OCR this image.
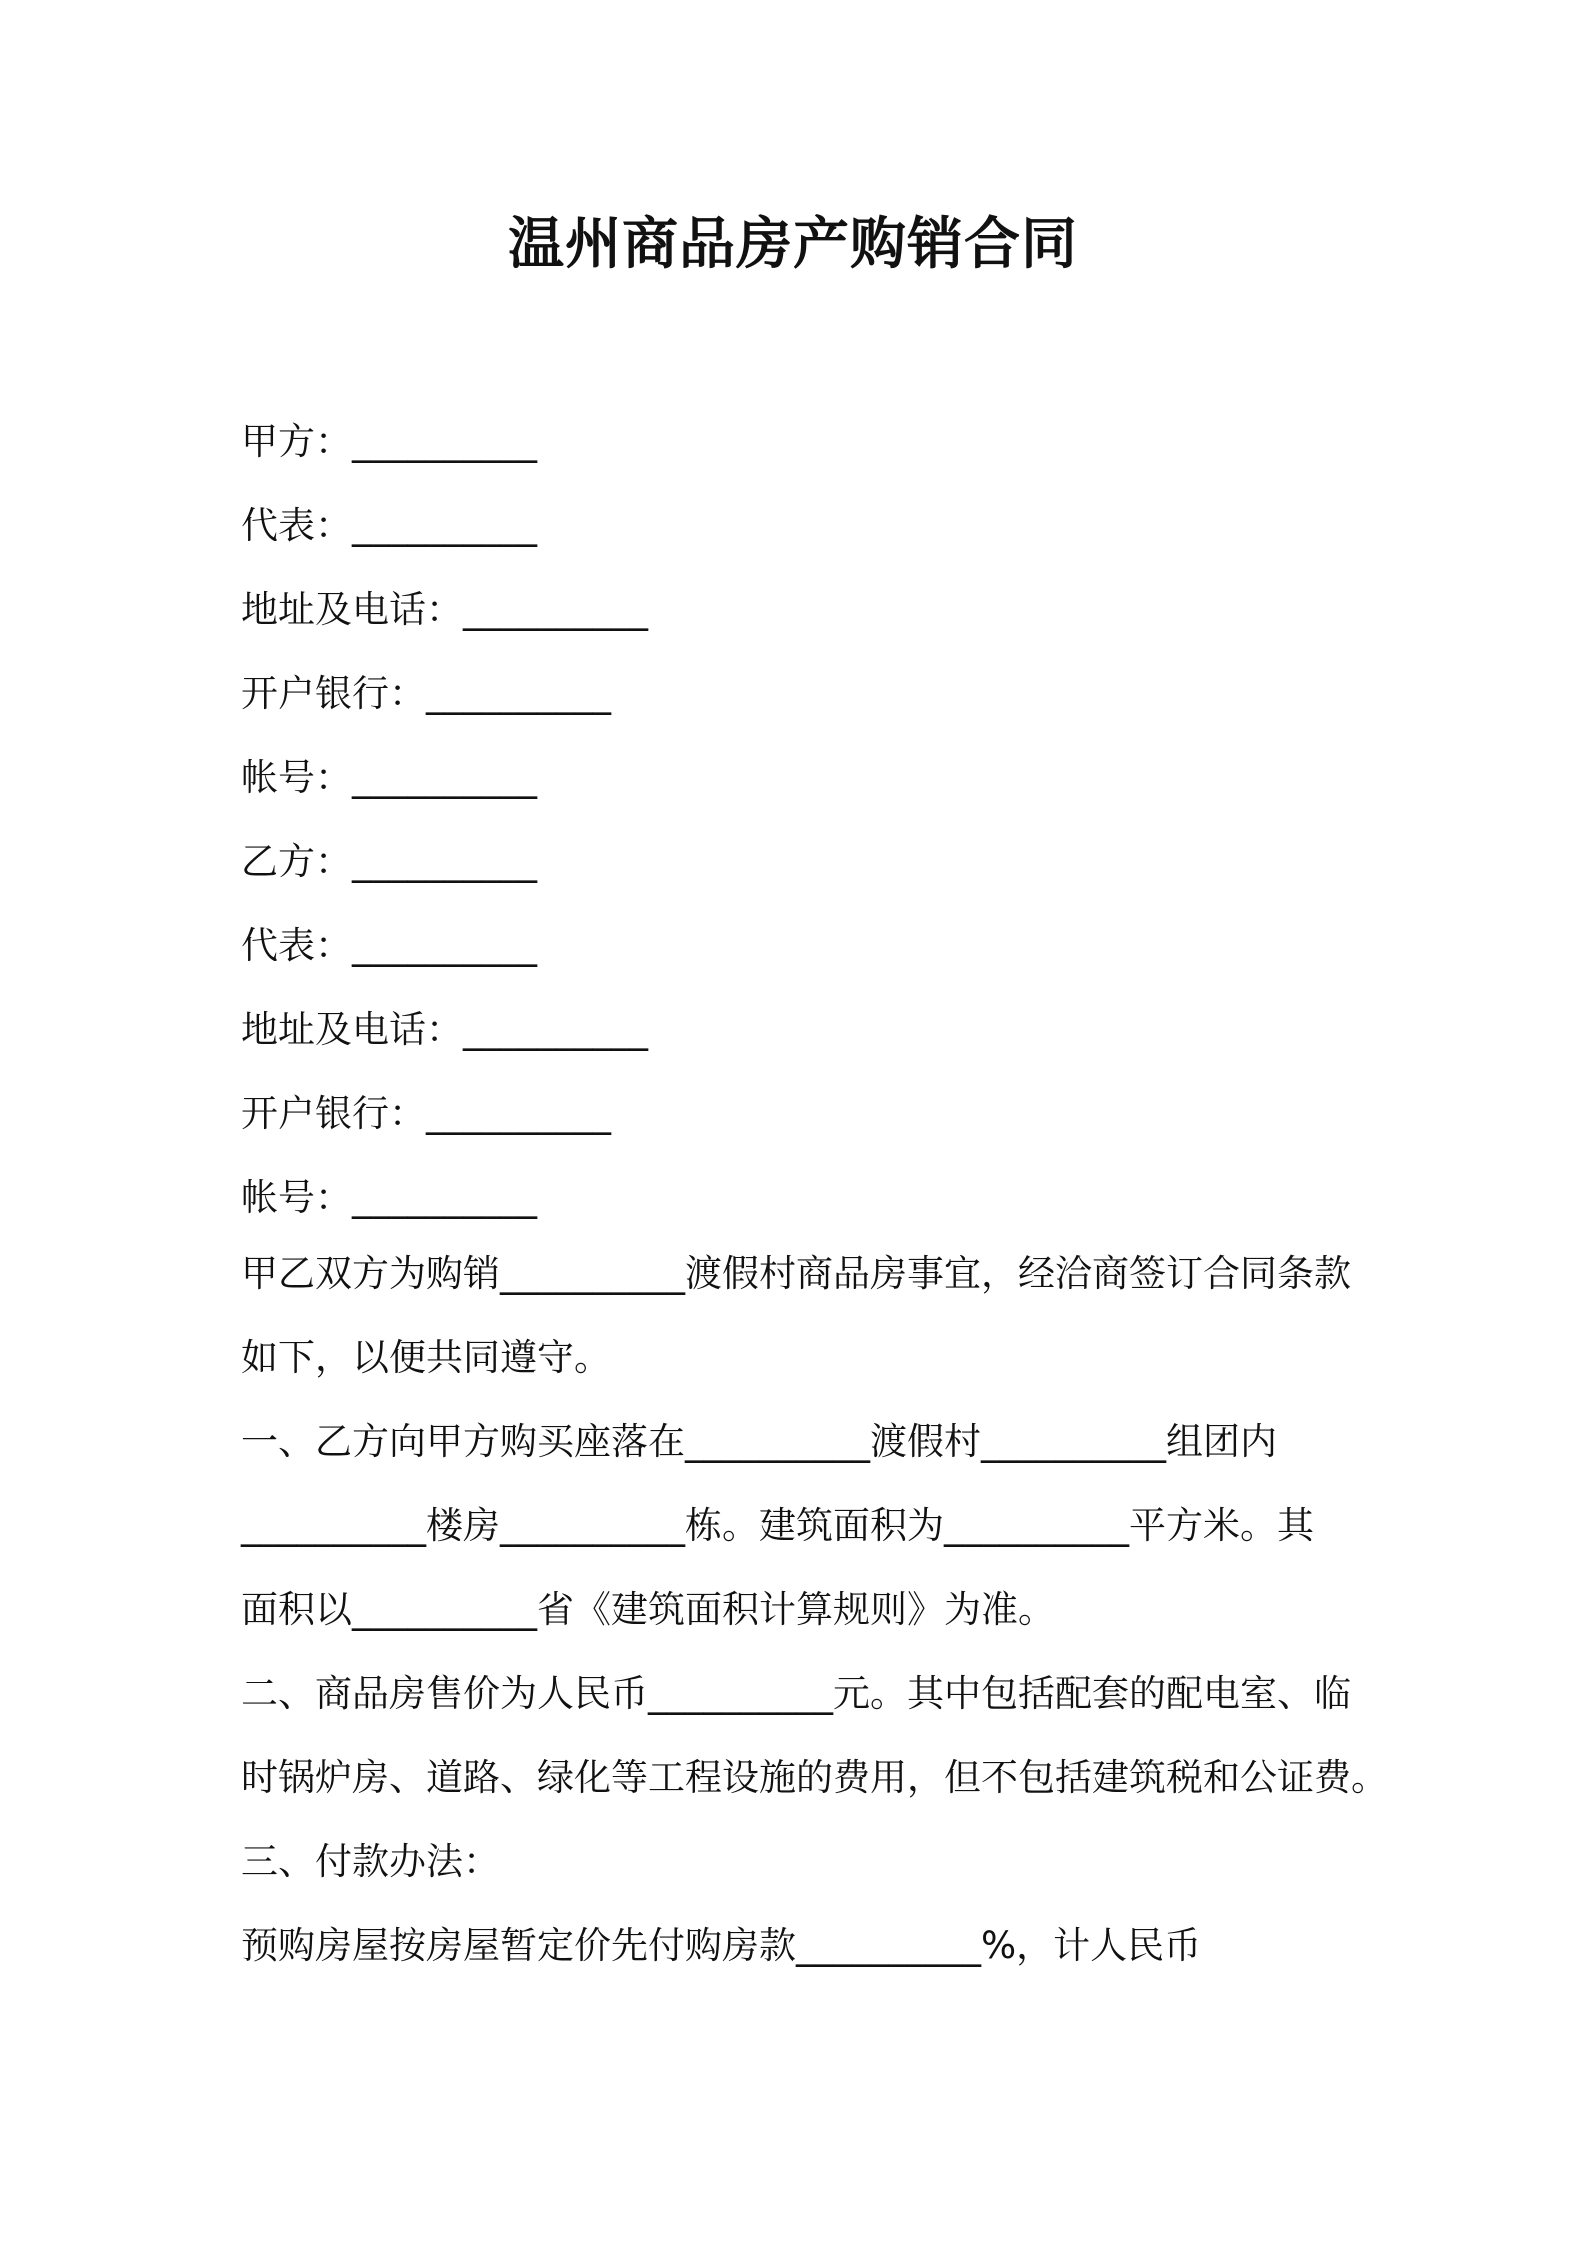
温州商品房产购销合同
甲方：__________
代表：__________
地址及电话：__________
开户银行：__________
帐号：__________
乙方：__________
代表：__________
地址及电话：__________
开户银行：__________
帐号：__________
甲乙双方为购销__________渡假村商品房事宜，经洽商签订合同条款
如下，以便共同遵守。
一、乙方向甲方购买座落在__________渡假村__________组团内
__________楼房__________栋。建筑面积为__________平方米。其
面积以__________省《建筑面积计算规则》为准。
二、商品房售价为人民币__________元。其中包括配套的配电室、临
时锅炉房、道路、绿化等工程设施的费用，但不包括建筑税和公证费。
三、付款办法：
预购房屋按房屋暂定价先付购房款__________%，计人民币
